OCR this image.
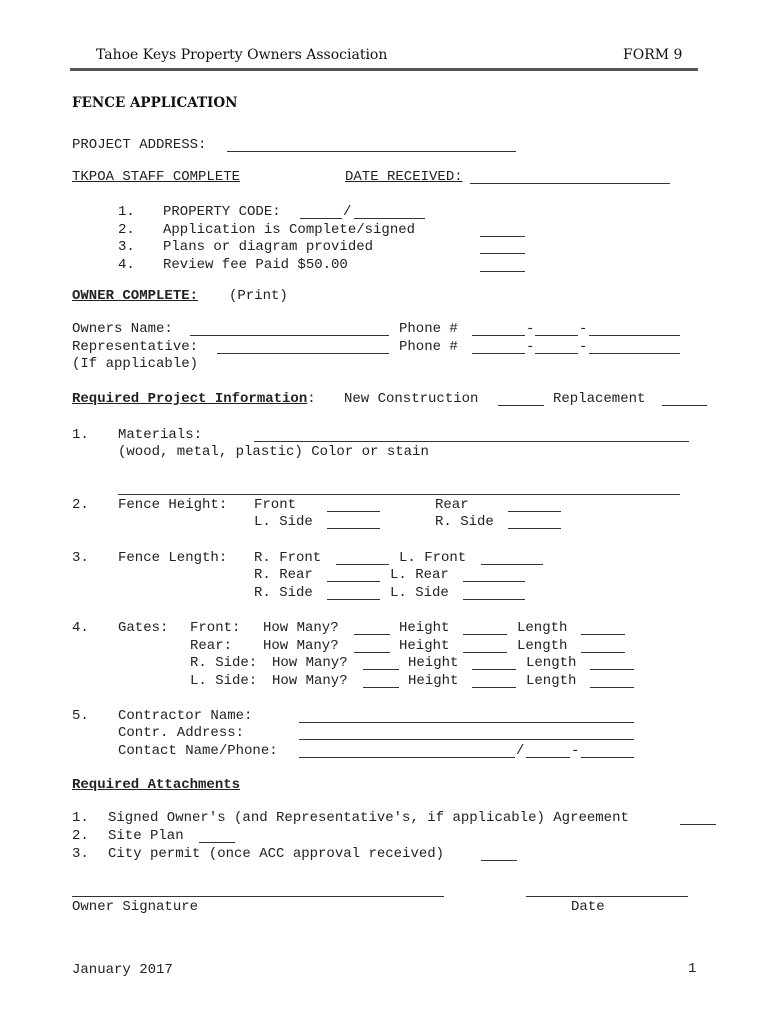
Tahoe Keys Property Owners Association	FORM 9
FENCE APPLICATION
PROJECT ADDRESS:
TKPOA STAFF COMPLETE	DATE RECEIVED:
1. PROPERTY CODE:	/
2. Application is Complete/signed
3. Plans or diagram provided
4. Review fee Paid $50.00
OWNER COMPLETE: (Print)
Owners Name:	Phone #	-	-
Representative:	Phone #	-	-
(If applicable)
Required Project Information: New Construction	Replacement
1. Materials:
(wood, metal, plastic) Color or stain
2. Fence Height: Front	Rear
L. Side	R. Side
3. Fence Length: R. Front	L. Front
R. Rear	L. Rear
R. Side	L. Side
4. Gates: Front: How Many?	Height	Length
Rear: How Many?	Height	Length
R. Side: How Many?	Height	Length
L. Side: How Many?	Height	Length
5. Contractor Name:
Contr. Address:
Contact Name/Phone:	/	-
Required Attachments
1. Signed Owner's (and Representative's, if applicable) Agreement
2. Site Plan
3. City permit (once ACC approval received)
Owner Signature	Date
January 2017	1
